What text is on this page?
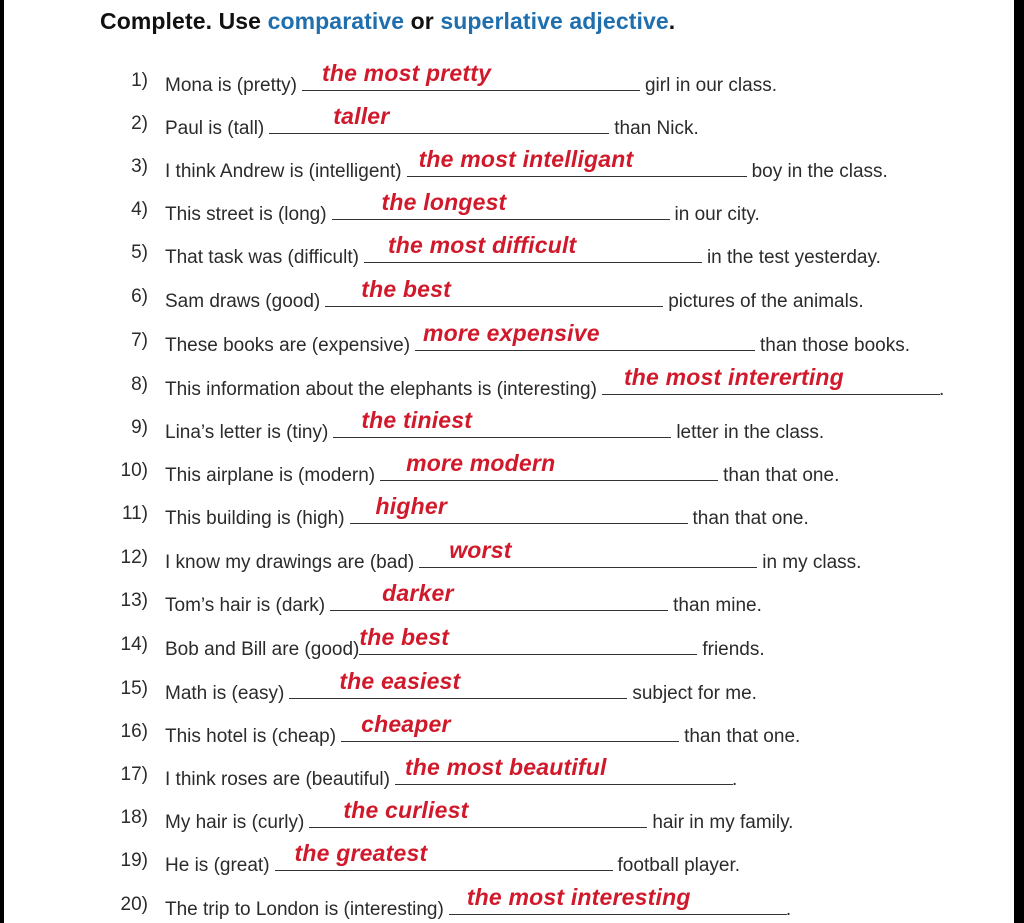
Complete. Use comparative or superlative adjective.
1) Mona is (pretty) the most pretty	girl in our class.
2) Paul is (tall)	taller	than Nick.
3) I think Andrew is (intelligent) the most intelligant	boy in the class.
4) This street is (long) the longest	in our city.
5) That task was (difficult) the most difficult	in the test yesterday.
6) Sam draws (good) the best	pictures of the animals.
7) These books are (expensive) more expensive	than those books.
8) This information about the elephants is (interesting) the most intererting	.
9) Lina’s letter is (tiny) the tiniest	letter in the class.
10) This airplane is (modern) more modern	than that one.
11) This building is (high) higher	than that one.
12) I know my drawings are (bad) worst	in my class.
13) Tom’s hair is (dark) darker	than mine.
14) Bob and Bill are (good) the best	friends.
15) Math is (easy) the easiest	subject for me.
16) This hotel is (cheap) cheaper	than that one.
17) I think roses are (beautiful) the most beautiful	.
18) My hair is (curly) the curliest	hair in my family.
19) He is (great) the greatest	football player.
20) The trip to London is (interesting) the most interesting	.
